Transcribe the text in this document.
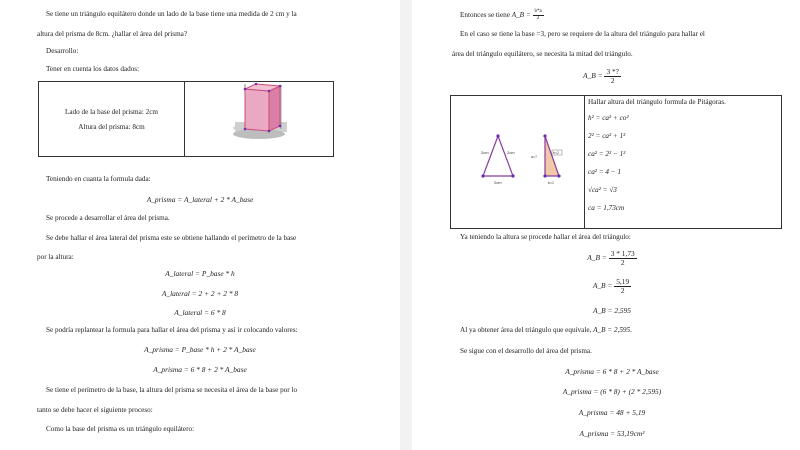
Se tiene un triángulo equilátero donde un lado de la base tiene una medida de 2 cm y la
altura del prisma de 8cm. ¿hallar el área del prisma?
Desarrollo:
Tener en cuenta los datos dados:
Lado de la base del prisma: 2cm
Altura del prisma: 8cm

Teniendo en cuanta la formula dada:
A_prisma = A_lateral + 2 * A_base
Se procede a desarrollar el área del prisma.
Se debe hallar el área lateral del prisma este se obtiene hallando el perímetro de la base
por la altura:
A_lateral = P_base * h
A_lateral = 2 + 2 + 2 * 8
A_lateral = 6 * 8
Se podría replantear la formula para hallar el área del prisma y así ir colocando valores:
A_prisma = P_base * h + 2 * A_base
A_prisma = 6 * 8 + 2 * A_base
Se tiene el perímetro de la base, la altura del prisma se necesita el área de la base por lo
tanto se debe hacer el siguiente proceso:
Como la base del prisma es un triángulo equilátero:
Entonces se tiene A_B = $\frac{b*a}{2}$
En el caso se tiene la base =3, pero se requiere de la altura del triángulo para hallar el
área del triángulo equilátero, se necesita la mitad del triángulo.
A_B = $\frac{3 *?}{2}$
2cm	2cm
2cm
h=2
a=?
b=1

Hallar altura del triángulo formula de Pitágoras.
h² = ca² + co²
2² = ca² + 1²
ca² = 2² − 1²
ca² = 4 − 1
√ca² = √3
ca = 1,73cm
Ya teniendo la altura se procede hallar el área del triángulo:
A_B = $\frac{3 * 1,73}{2}$
A_B = $\frac{5,19}{2}$
A_B = 2,595
Al ya obtener área del triángulo que equivale, A_B = 2,595.
Se sigue con el desarrollo del área del prisma.
A_prisma = 6 * 8 + 2 * A_base
A_prisma = (6 * 8) + (2 * 2,595)
A_prisma = 48 + 5,19
A_prisma = 53,19cm²
